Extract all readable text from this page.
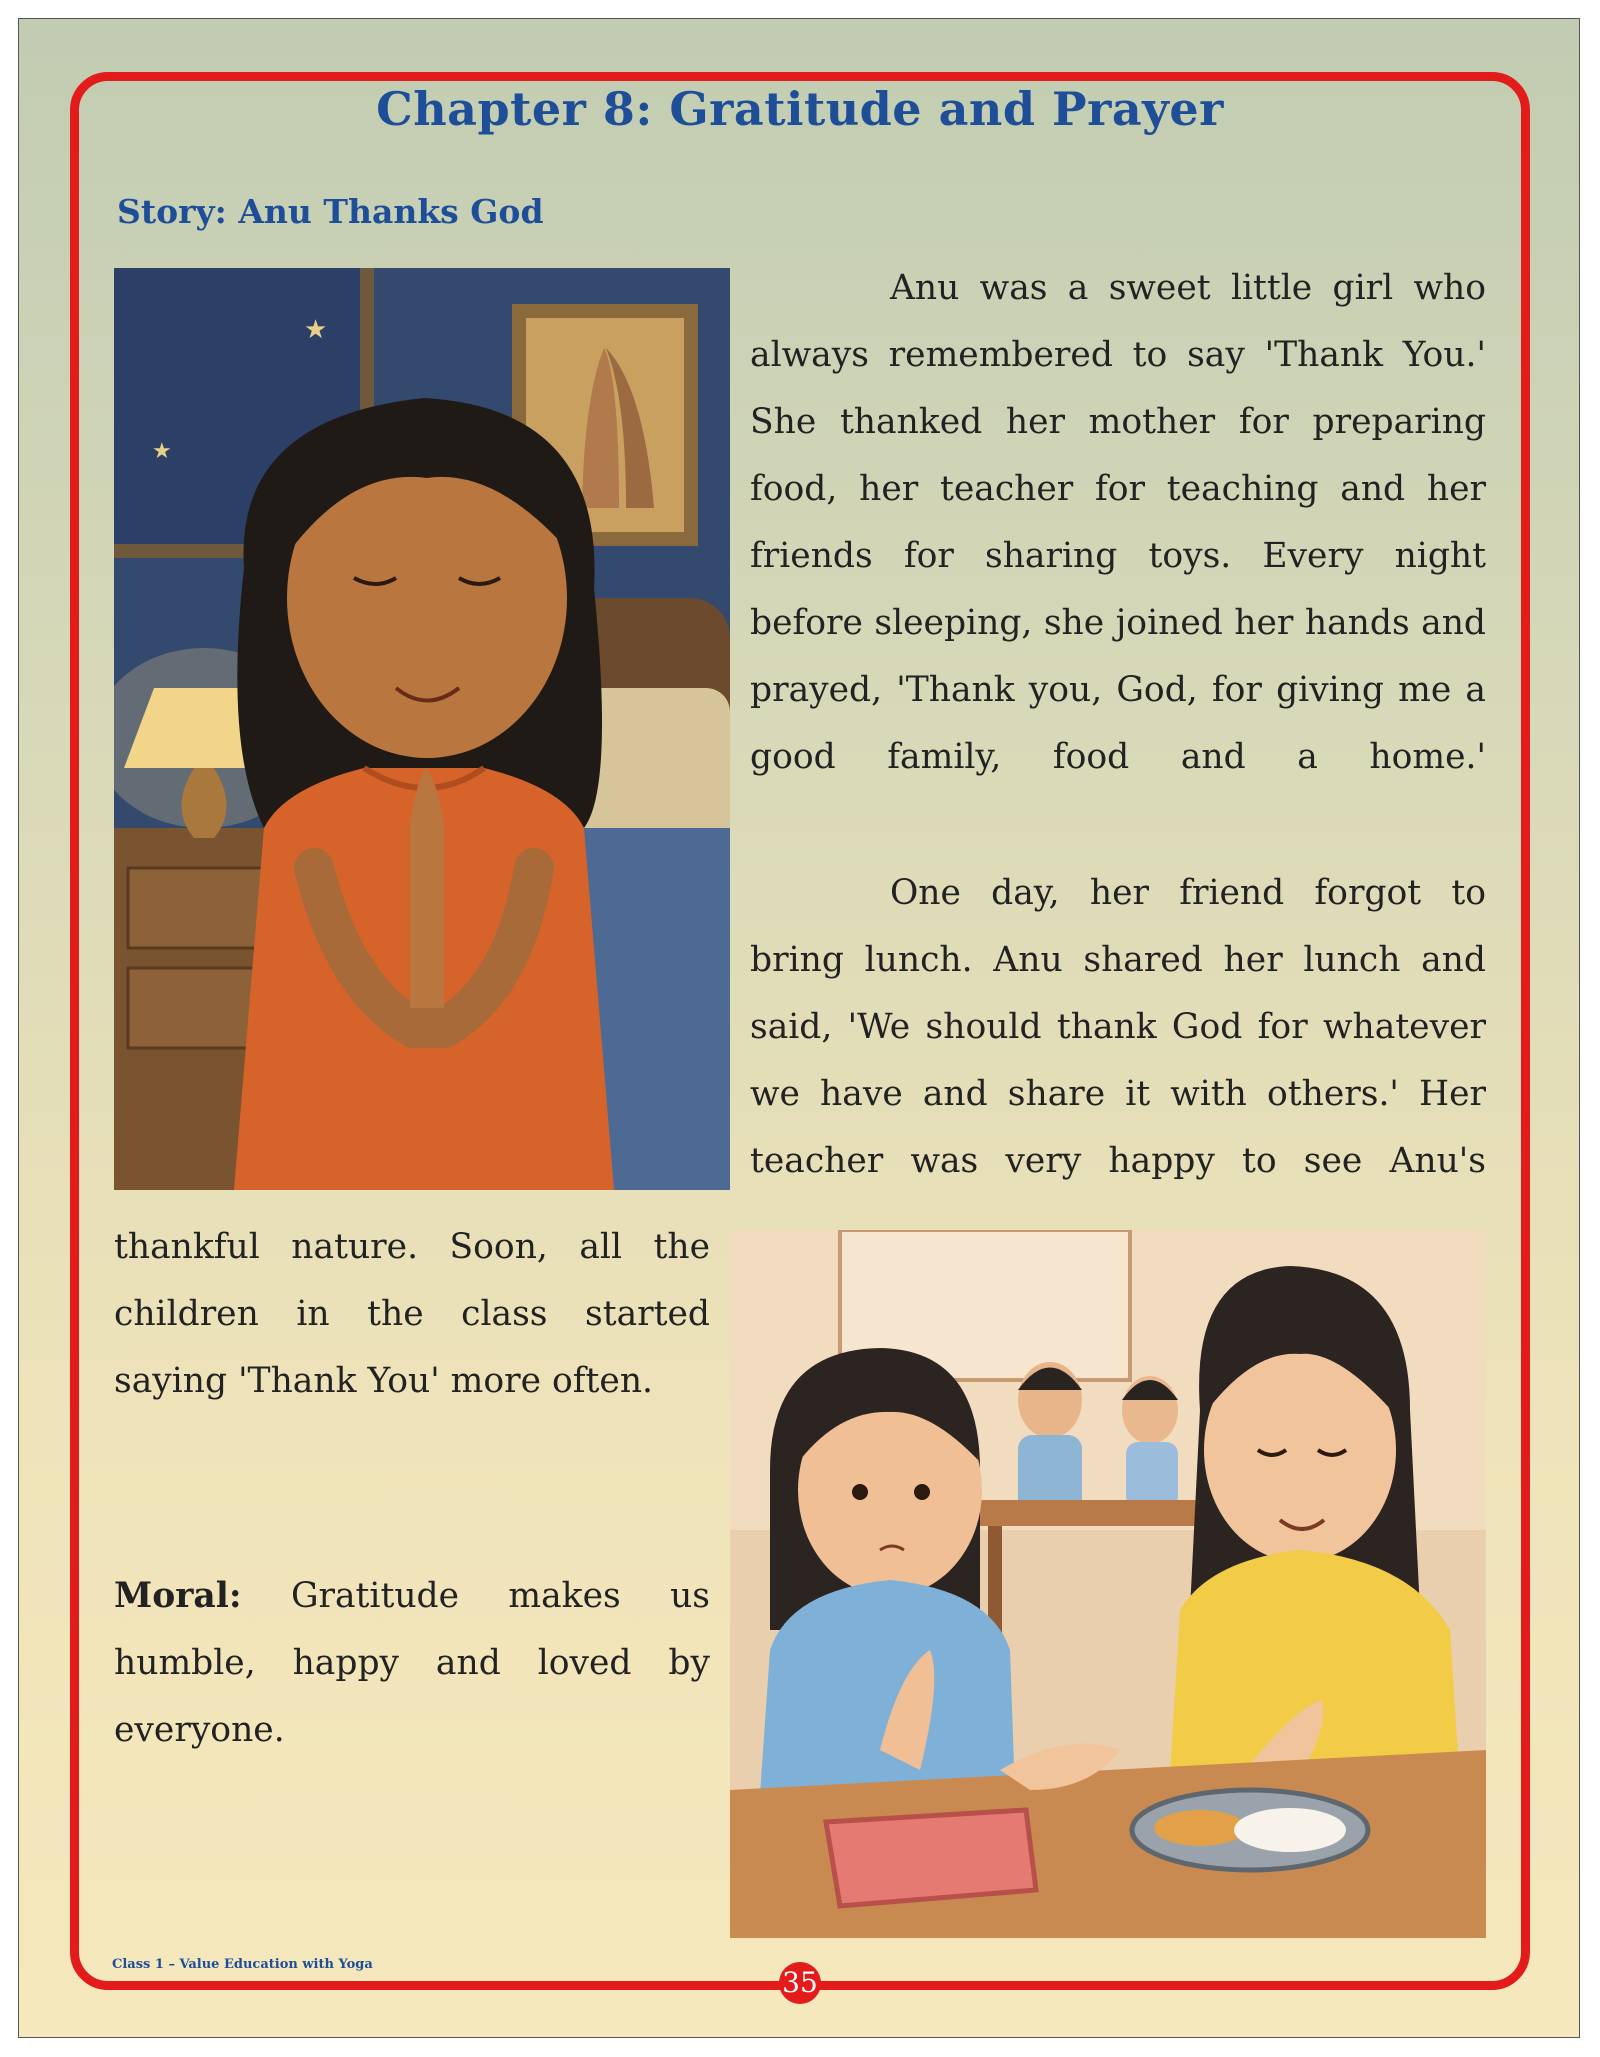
Chapter 8: Gratitude and Prayer
Story: Anu Thanks God
★
★

Anu was a sweet little girl who always remembered to say 'Thank You.' She thanked her mother for preparing food, her teacher for teaching and her friends for sharing toys. Every night before sleeping, she joined her hands and prayed, 'Thank you, God, for giving me a good family, food and a home.'

One day, her friend forgot to bring lunch. Anu shared her lunch and said, 'We should thank God for whatever we have and share it with others.' Her teacher was very happy to see Anu's

thankful nature. Soon, all the children in the class started saying 'Thank You' more often.

Moral: Gratitude makes us humble, happy and loved by everyone.

Class 1 – Value Education with Yoga
35
